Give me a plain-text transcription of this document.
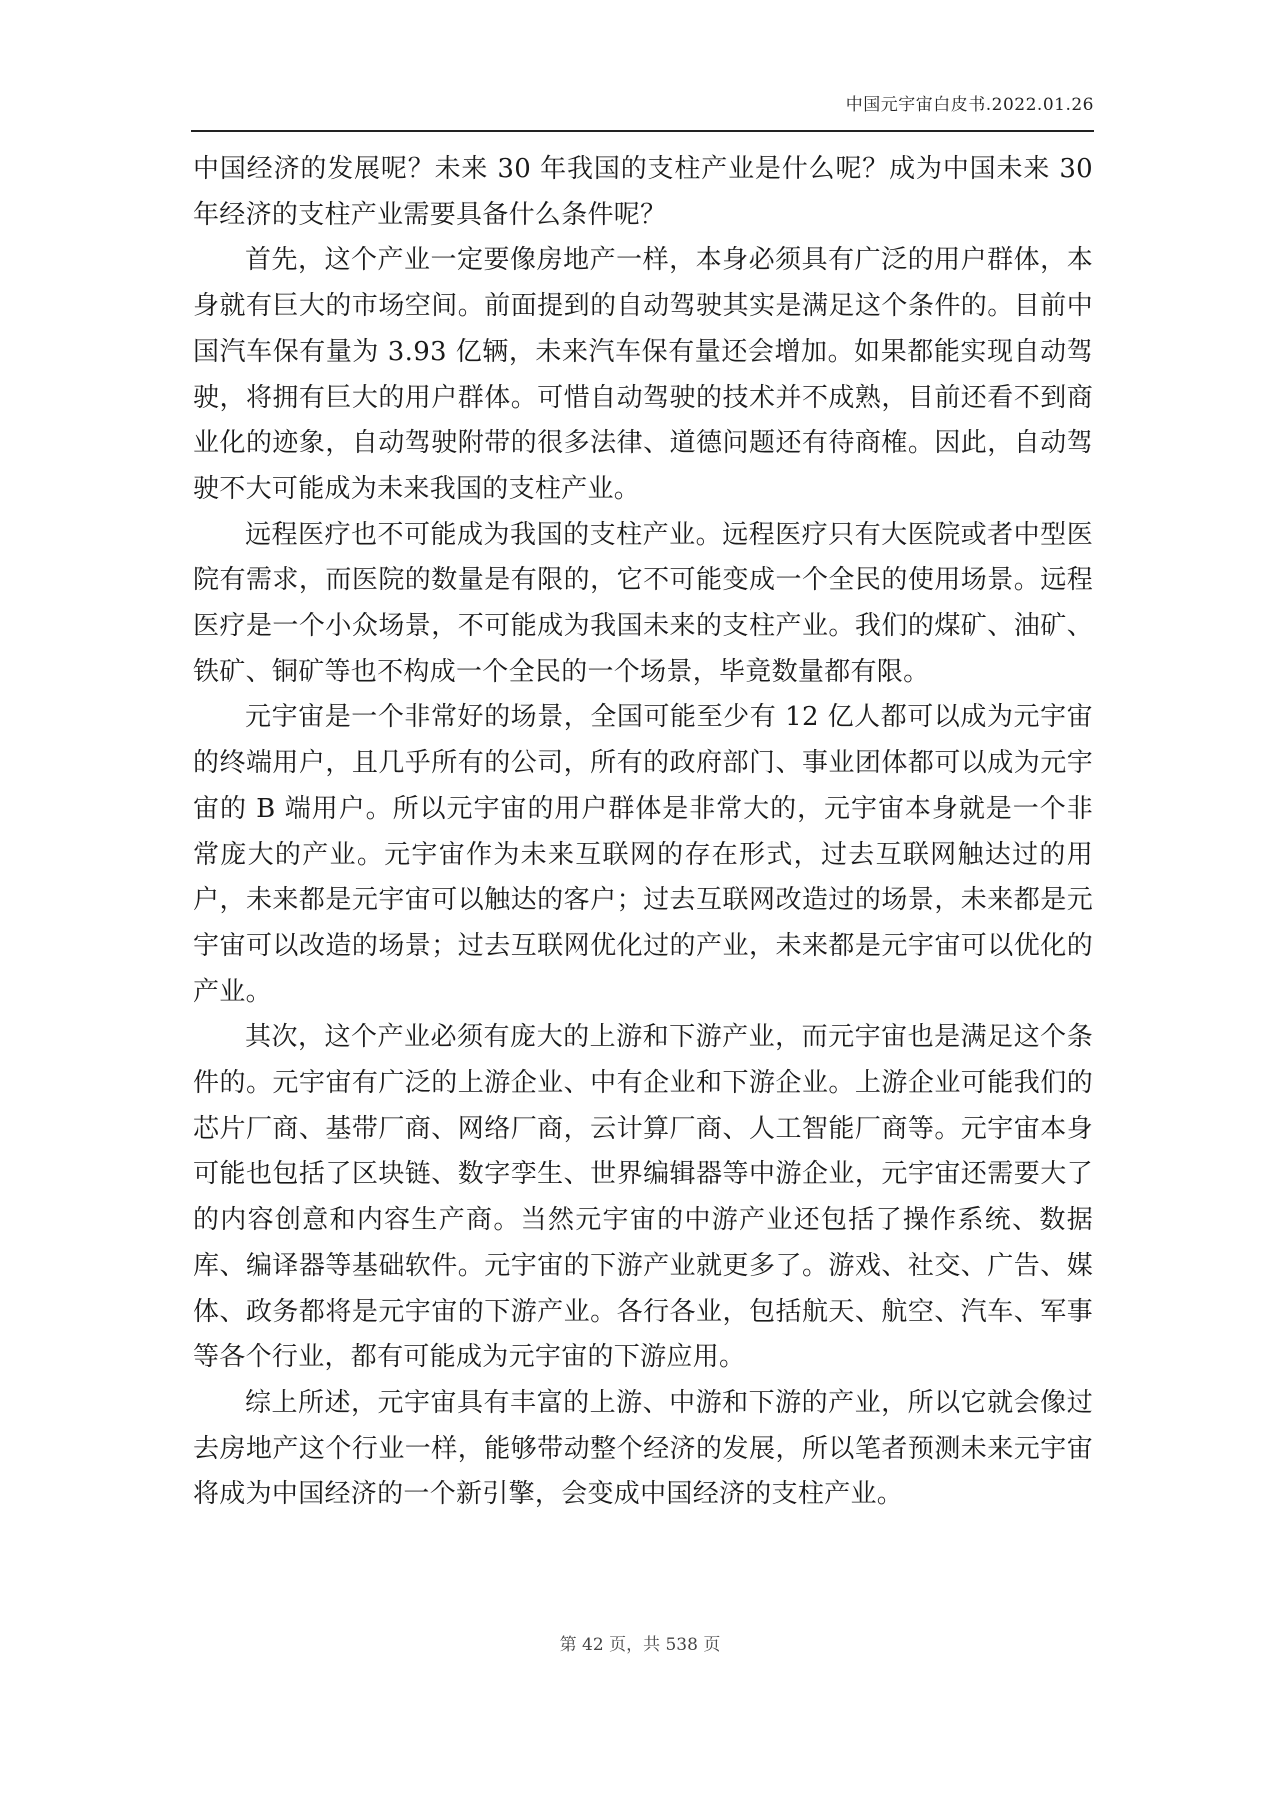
中国元宇宙白皮书.2022.01.26

中国经济的发展呢？未来 30 年我国的支柱产业是什么呢？成为中国未来 30 年经济的支柱产业需要具备什么条件呢？

首先，这个产业一定要像房地产一样，本身必须具有广泛的用户群体，本身就有巨大的市场空间。前面提到的自动驾驶其实是满足这个条件的。目前中国汽车保有量为 3.93 亿辆，未来汽车保有量还会增加。如果都能实现自动驾驶，将拥有巨大的用户群体。可惜自动驾驶的技术并不成熟，目前还看不到商业化的迹象，自动驾驶附带的很多法律、道德问题还有待商榷。因此，自动驾驶不大可能成为未来我国的支柱产业。

远程医疗也不可能成为我国的支柱产业。远程医疗只有大医院或者中型医院有需求，而医院的数量是有限的，它不可能变成一个全民的使用场景。远程医疗是一个小众场景，不可能成为我国未来的支柱产业。我们的煤矿、油矿、铁矿、铜矿等也不构成一个全民的一个场景，毕竟数量都有限。

元宇宙是一个非常好的场景，全国可能至少有 12 亿人都可以成为元宇宙的终端用户，且几乎所有的公司，所有的政府部门、事业团体都可以成为元宇宙的 B 端用户。所以元宇宙的用户群体是非常大的，元宇宙本身就是一个非常庞大的产业。元宇宙作为未来互联网的存在形式，过去互联网触达过的用户，未来都是元宇宙可以触达的客户；过去互联网改造过的场景，未来都是元宇宙可以改造的场景；过去互联网优化过的产业，未来都是元宇宙可以优化的产业。

其次，这个产业必须有庞大的上游和下游产业，而元宇宙也是满足这个条件的。元宇宙有广泛的上游企业、中有企业和下游企业。上游企业可能我们的芯片厂商、基带厂商、网络厂商，云计算厂商、人工智能厂商等。元宇宙本身可能也包括了区块链、数字孪生、世界编辑器等中游企业，元宇宙还需要大了的内容创意和内容生产商。当然元宇宙的中游产业还包括了操作系统、数据库、编译器等基础软件。元宇宙的下游产业就更多了。游戏、社交、广告、媒体、政务都将是元宇宙的下游产业。各行各业，包括航天、航空、汽车、军事等各个行业，都有可能成为元宇宙的下游应用。

综上所述，元宇宙具有丰富的上游、中游和下游的产业，所以它就会像过去房地产这个行业一样，能够带动整个经济的发展，所以笔者预测未来元宇宙将成为中国经济的一个新引擎，会变成中国经济的支柱产业。

第 42 页，共 538 页
